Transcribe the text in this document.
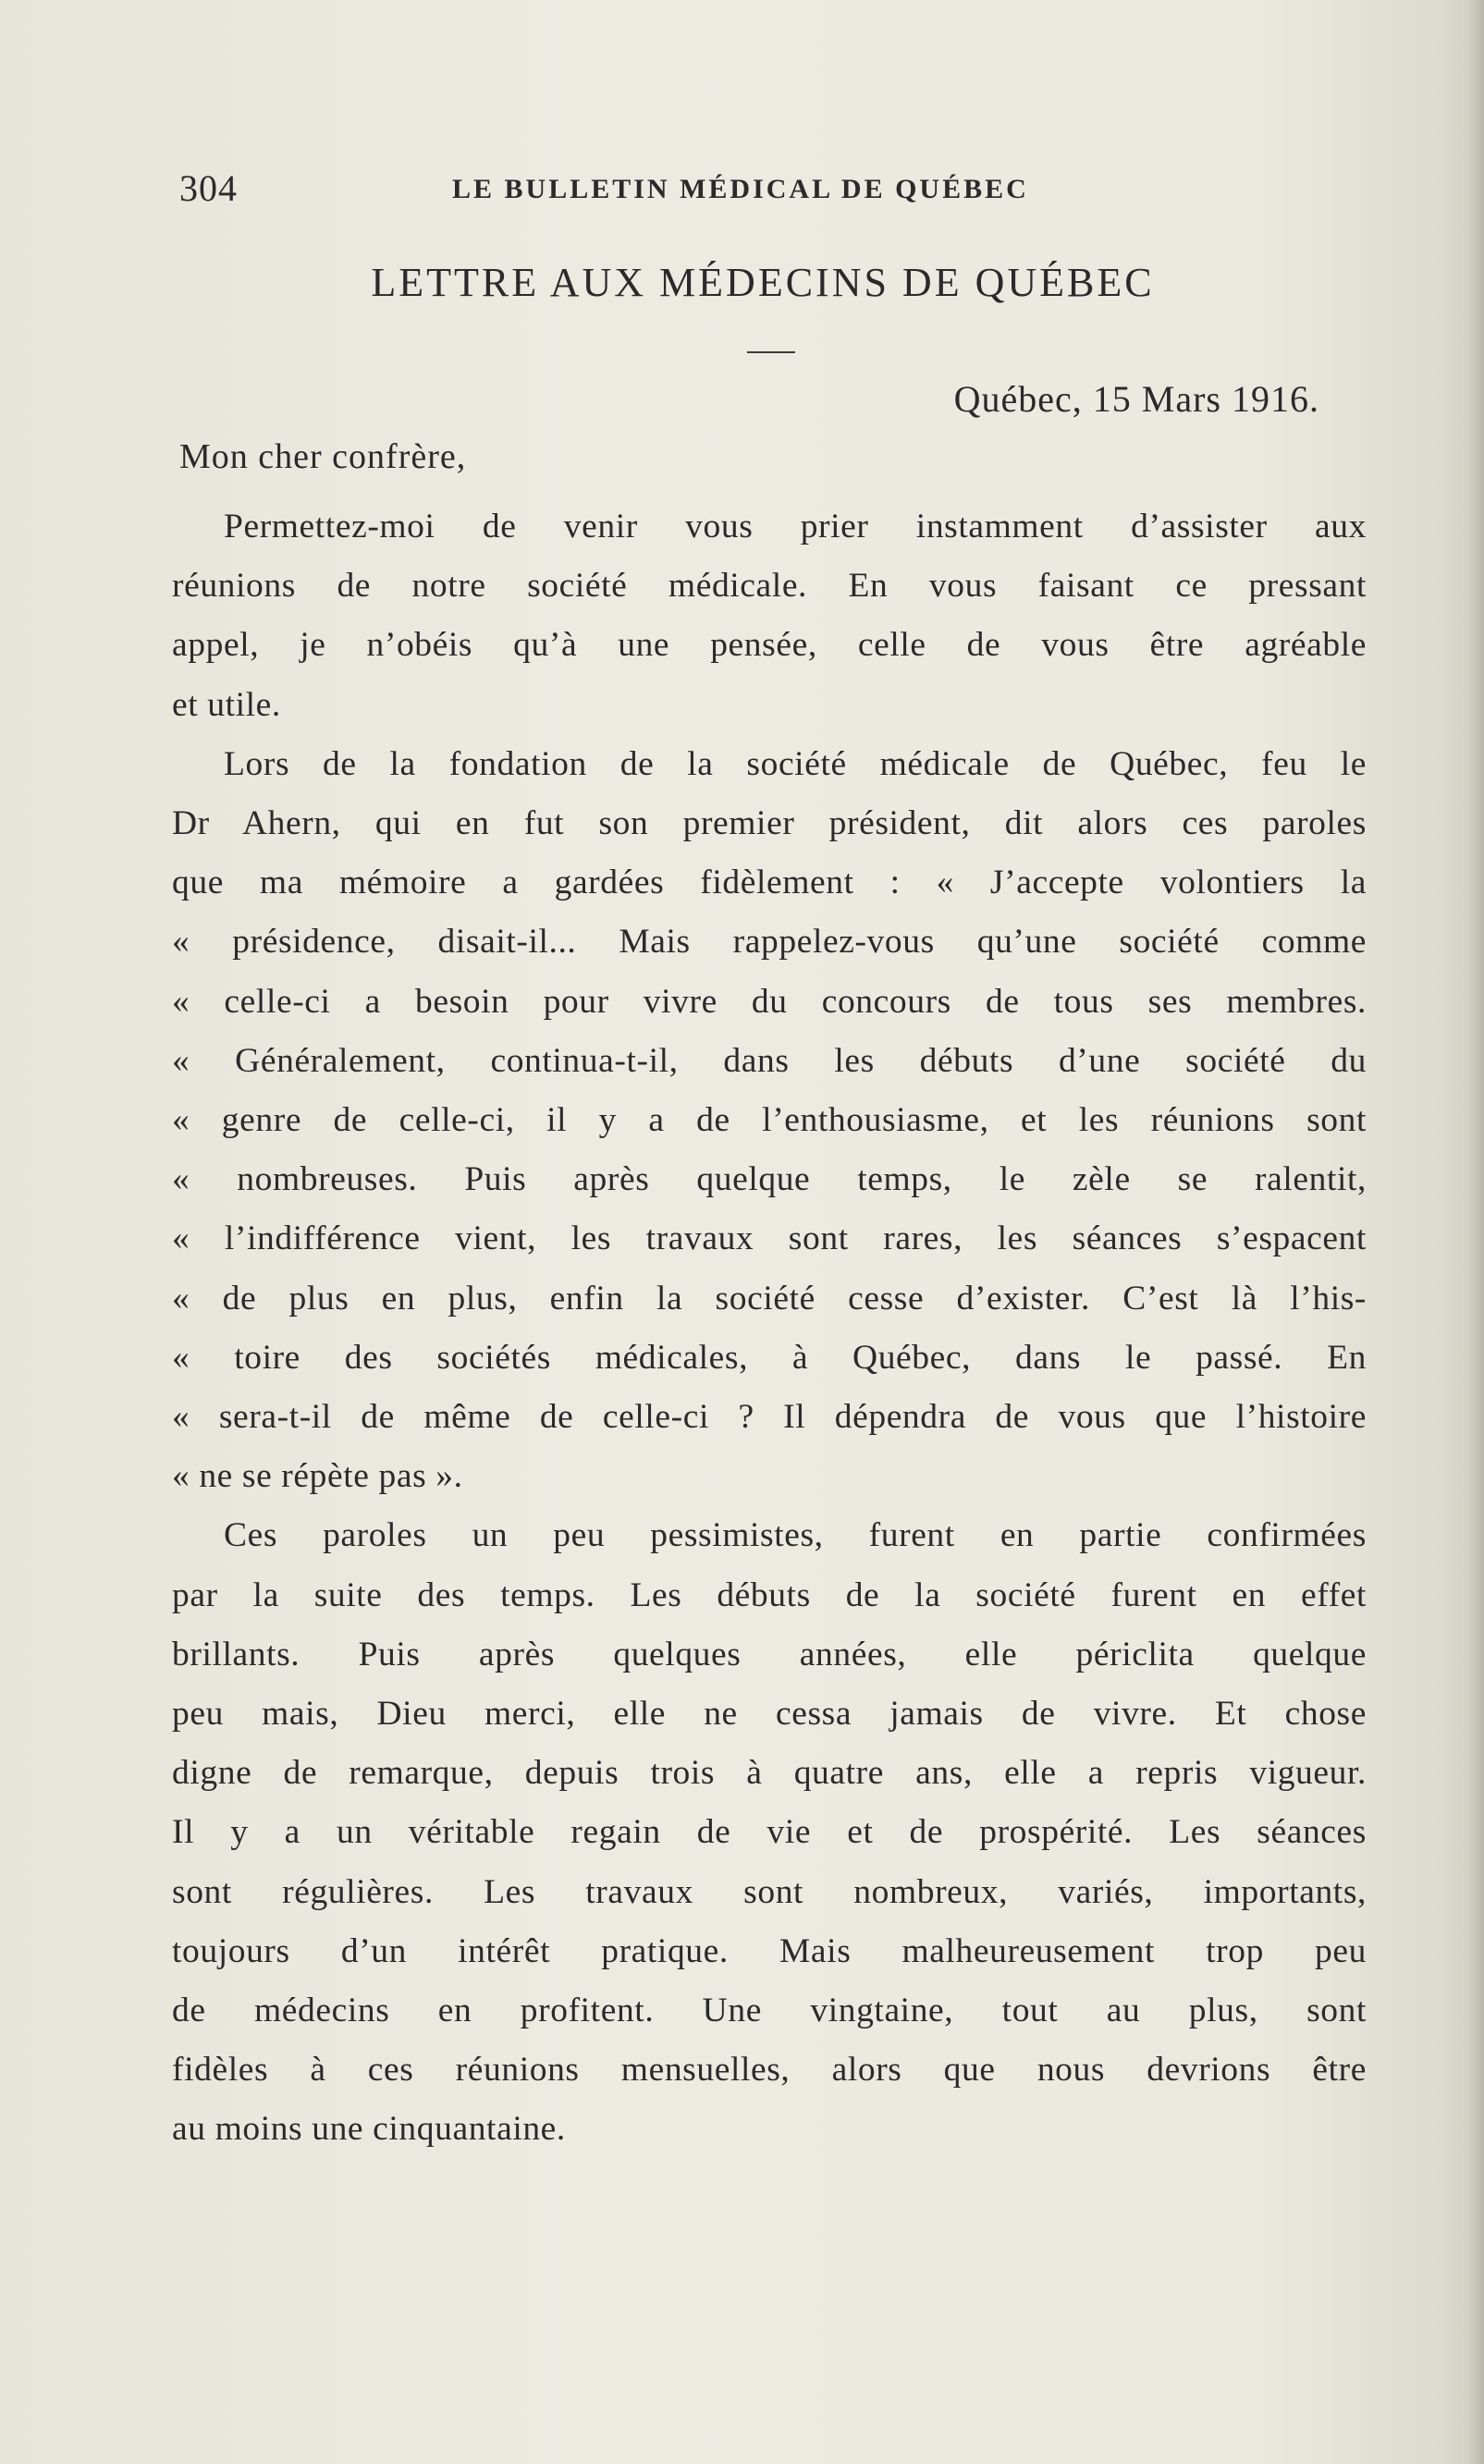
304	LE BULLETIN MÉDICAL DE QUÉBEC
LETTRE AUX MÉDECINS DE QUÉBEC
Québec, 15 Mars 1916.
Mon cher confrère,

Permettez-moi de venir vous prier instamment d’assister aux
réunions de notre société médicale. En vous faisant ce pressant
appel, je n’obéis qu’à une pensée, celle de vous être agréable
et utile.

Lors de la fondation de la société médicale de Québec, feu le
Dr Ahern, qui en fut son premier président, dit alors ces paroles
que ma mémoire a gardées fidèlement : « J’accepte volontiers la
« présidence, disait-il... Mais rappelez-vous qu’une société comme
« celle-ci a besoin pour vivre du concours de tous ses membres.
« Généralement, continua-t-il, dans les débuts d’une société du
« genre de celle-ci, il y a de l’enthousiasme, et les réunions sont
« nombreuses. Puis après quelque temps, le zèle se ralentit,
« l’indifférence vient, les travaux sont rares, les séances s’espacent
« de plus en plus, enfin la société cesse d’exister. C’est là l’his-
« toire des sociétés médicales, à Québec, dans le passé. En
« sera-t-il de même de celle-ci ? Il dépendra de vous que l’histoire
« ne se répète pas ».

Ces paroles un peu pessimistes, furent en partie confirmées
par la suite des temps. Les débuts de la société furent en effet
brillants. Puis après quelques années, elle périclita quelque
peu mais, Dieu merci, elle ne cessa jamais de vivre. Et chose
digne de remarque, depuis trois à quatre ans, elle a repris vigueur.
Il y a un véritable regain de vie et de prospérité. Les séances
sont régulières. Les travaux sont nombreux, variés, importants,
toujours d’un intérêt pratique. Mais malheureusement trop peu
de médecins en profitent. Une vingtaine, tout au plus, sont
fidèles à ces réunions mensuelles, alors que nous devrions être
au moins une cinquantaine.
